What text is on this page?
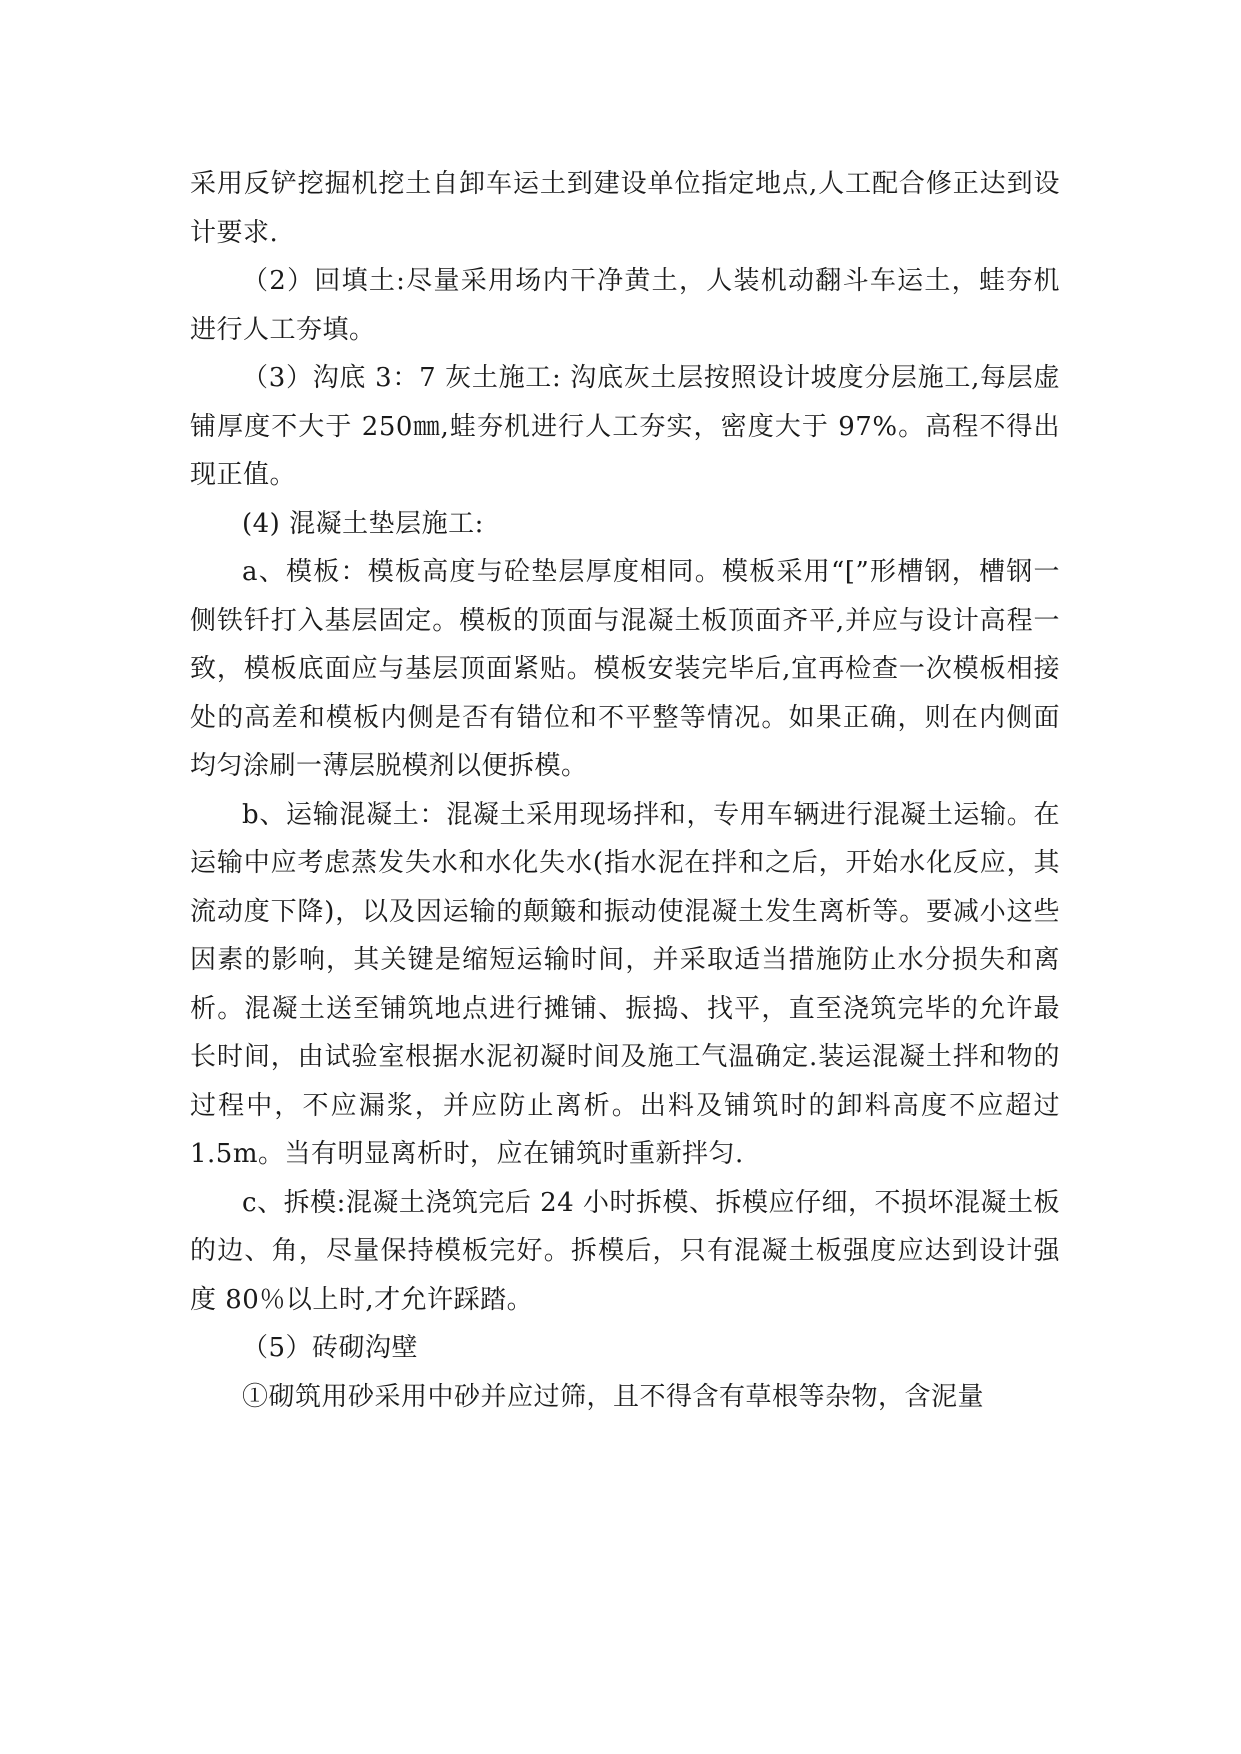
采用反铲挖掘机挖土自卸车运土到建设单位指定地点,人工配合修正达到设计要求.

（2）回填土:尽量采用场内干净黄土，人装机动翻斗车运土，蛙夯机进行人工夯填。

（3）沟底 3：7 灰土施工: 沟底灰土层按照设计坡度分层施工,每层虚铺厚度不大于 250㎜,蛙夯机进行人工夯实，密度大于 97%。高程不得出现正值。

(4) 混凝土垫层施工:

a、模板：模板高度与砼垫层厚度相同。模板采用“[”形槽钢，槽钢一侧铁钎打入基层固定。模板的顶面与混凝土板顶面齐平,并应与设计高程一致，模板底面应与基层顶面紧贴。模板安装完毕后,宜再检查一次模板相接处的高差和模板内侧是否有错位和不平整等情况。如果正确，则在内侧面均匀涂刷一薄层脱模剂以便拆模。

b、运输混凝土：混凝土采用现场拌和，专用车辆进行混凝土运输。在运输中应考虑蒸发失水和水化失水(指水泥在拌和之后，开始水化反应，其流动度下降)，以及因运输的颠簸和振动使混凝土发生离析等。要减小这些因素的影响，其关键是缩短运输时间，并采取适当措施防止水分损失和离析。混凝土送至铺筑地点进行摊铺、振捣、找平，直至浇筑完毕的允许最长时间，由试验室根据水泥初凝时间及施工气温确定.装运混凝土拌和物的过程中，不应漏浆，并应防止离析。出料及铺筑时的卸料高度不应超过 1.5m。当有明显离析时，应在铺筑时重新拌匀.

c、拆模:混凝土浇筑完后 24 小时拆模、拆模应仔细，不损坏混凝土板的边、角，尽量保持模板完好。拆模后，只有混凝土板强度应达到设计强度 80％以上时,才允许踩踏。

（5）砖砌沟壁

①砌筑用砂采用中砂并应过筛，且不得含有草根等杂物，含泥量
